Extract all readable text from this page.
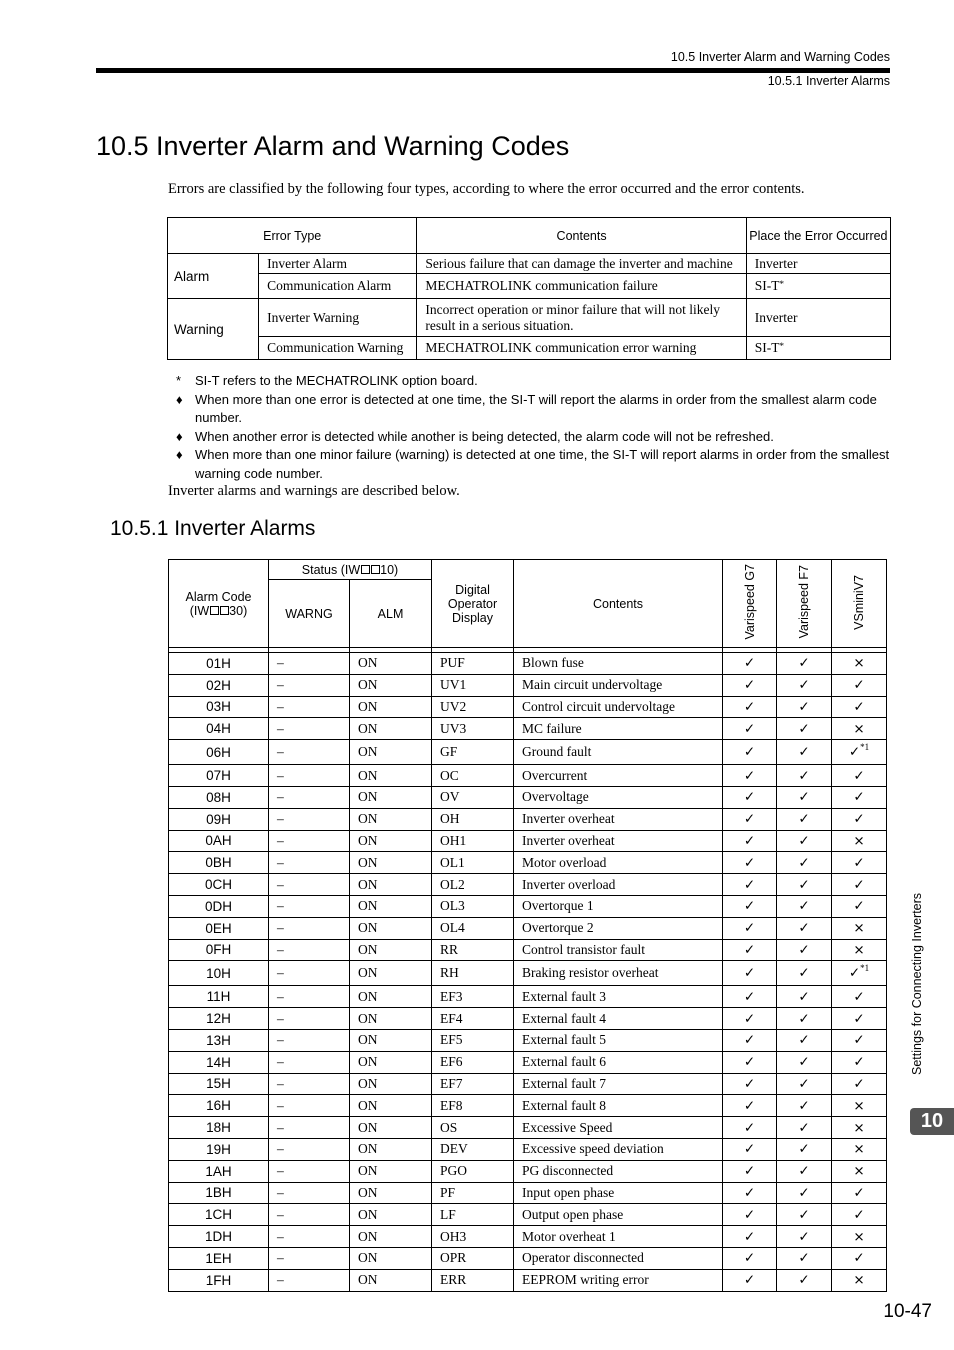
10.5 Inverter Alarm and Warning Codes
10.5.1 Inverter Alarms
10.5 Inverter Alarm and Warning Codes
Errors are classified by the following four types, according to where the error occurred and the error contents.
Error Type		Contents	Place the Error Occurred
Alarm	Inverter Alarm	Serious failure that can damage the inverter and machine	Inverter
	Communication Alarm	MECHATROLINK communication failure	SI-T*
Warning	Inverter Warning	Incorrect operation or minor failure that will not likely result in a serious situation.	Inverter
	Communication Warning	MECHATROLINK communication error warning	SI-T*

* SI-T refers to the MECHATROLINK option board.

♦ When more than one error is detected at one time, the SI-T will report the alarms in order from the smallest alarm code number.

♦ When another error is detected while another is being detected, the alarm code will not be refreshed.

♦ When more than one minor failure (warning) is detected at one time, the SI-T will report alarms in order from the smallest warning code number.

Inverter alarms and warnings are described below.
10.5.1 Inverter Alarms
Alarm Code
(IW 30)	Status (IW 10)		Digital
Operator
Display	Contents	Varispeed G7	Varispeed F7	VSminiV7
	WARNG	ALM					

01H	–	ON	PUF	Blown fuse	✓	✓	×
02H	–	ON	UV1	Main circuit undervoltage	✓	✓	✓
03H	–	ON	UV2	Control circuit undervoltage	✓	✓	✓
04H	–	ON	UV3	MC failure	✓	✓	×
06H	–	ON	GF	Ground fault	✓	✓	✓$^{*1}$
07H	–	ON	OC	Overcurrent	✓	✓	✓
08H	–	ON	OV	Overvoltage	✓	✓	✓
09H	–	ON	OH	Inverter overheat	✓	✓	✓
0AH	–	ON	OH1	Inverter overheat	✓	✓	×
0BH	–	ON	OL1	Motor overload	✓	✓	✓
0CH	–	ON	OL2	Inverter overload	✓	✓	✓
0DH	–	ON	OL3	Overtorque 1	✓	✓	✓
0EH	–	ON	OL4	Overtorque 2	✓	✓	×
0FH	–	ON	RR	Control transistor fault	✓	✓	×
10H	–	ON	RH	Braking resistor overheat	✓	✓	✓$^{*1}$
11H	–	ON	EF3	External fault 3	✓	✓	✓
12H	–	ON	EF4	External fault 4	✓	✓	✓
13H	–	ON	EF5	External fault 5	✓	✓	✓
14H	–	ON	EF6	External fault 6	✓	✓	✓
15H	–	ON	EF7	External fault 7	✓	✓	✓
16H	–	ON	EF8	External fault 8	✓	✓	×
18H	–	ON	OS	Excessive Speed	✓	✓	×
19H	–	ON	DEV	Excessive speed deviation	✓	✓	×
1AH	–	ON	PGO	PG disconnected	✓	✓	×
1BH	–	ON	PF	Input open phase	✓	✓	✓
1CH	–	ON	LF	Output open phase	✓	✓	✓
1DH	–	ON	OH3	Motor overheat 1	✓	✓	×
1EH	–	ON	OPR	Operator disconnected	✓	✓	✓
1FH	–	ON	ERR	EEPROM writing error	✓	✓	×
Settings for Connecting Inverters
10
10-47
